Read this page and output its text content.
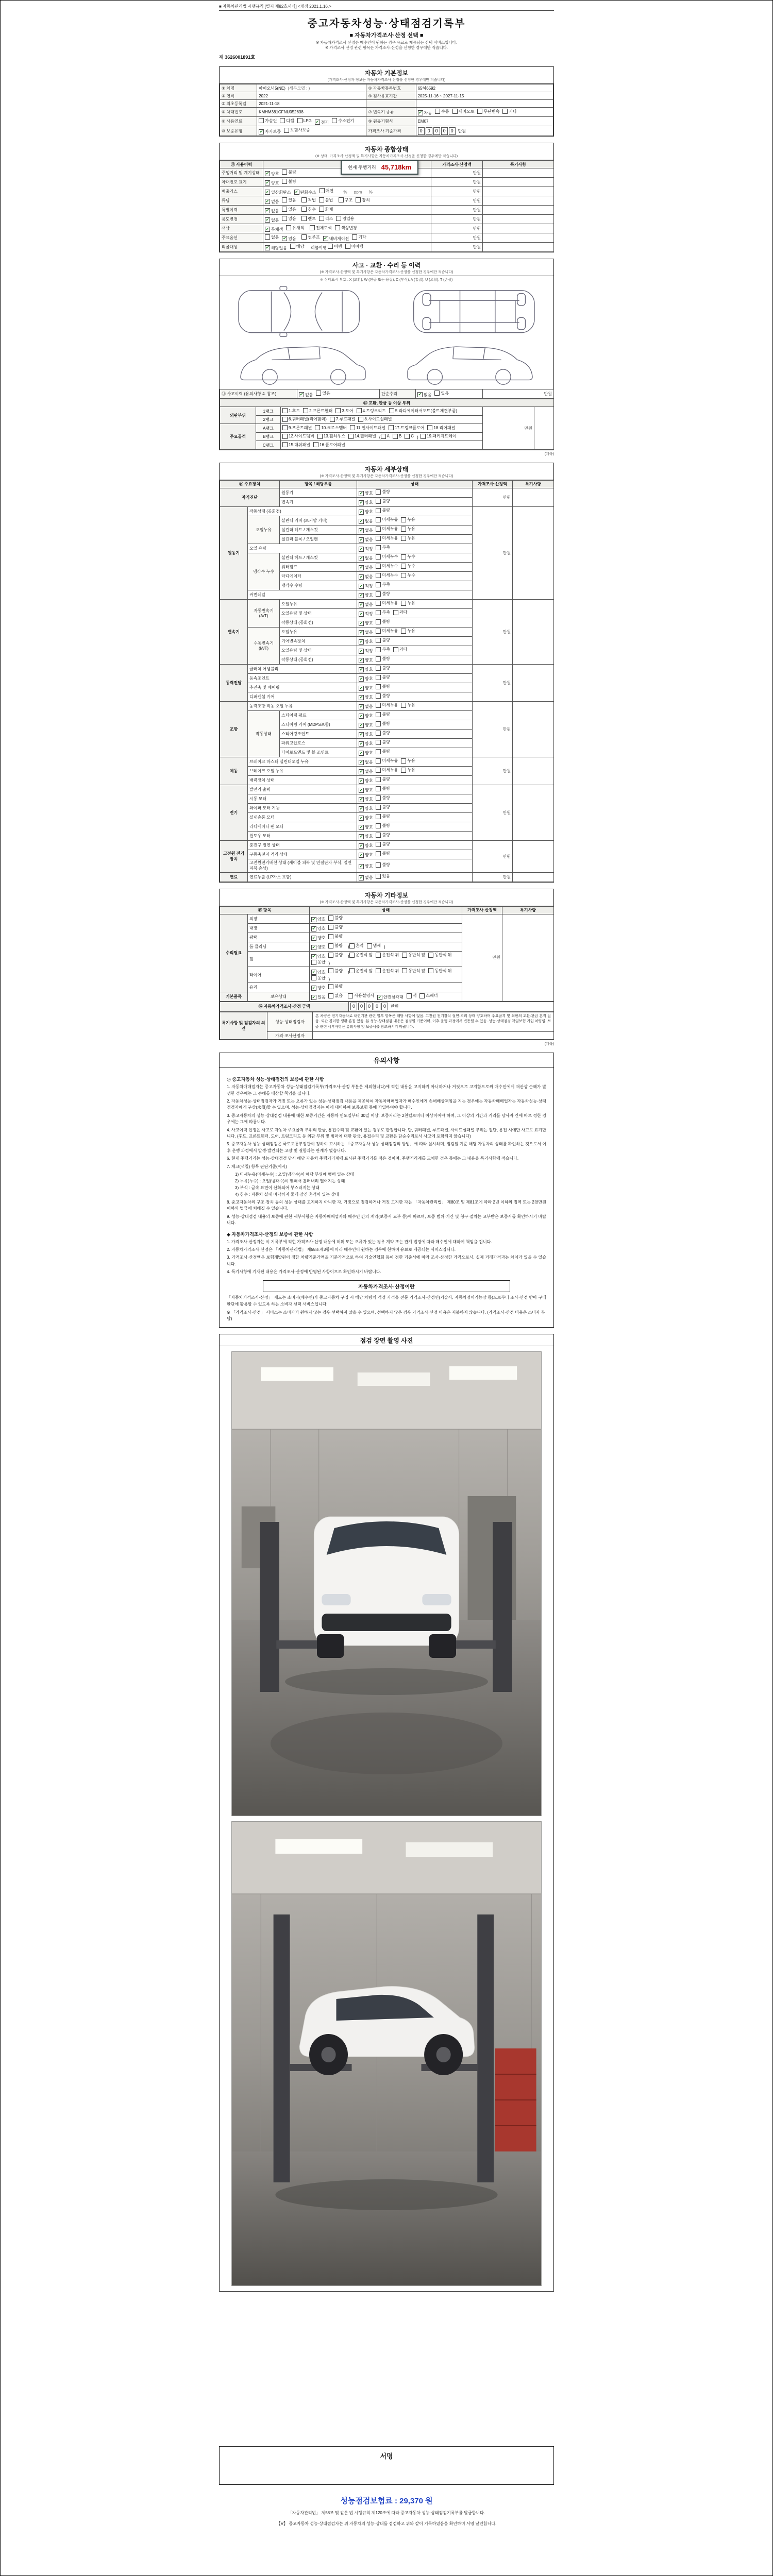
■ 자동차관리법 시행규칙 [별지 제82호서식] <개정 2021.1.16.>
중고자동차성능·상태점검기록부
■ 자동차가격조사·산정 선택 ■
※ 자동차가격조사·산정은 매수인이 원하는 경우 유료로 제공되는 선택 서비스입니다.
※ 가격조사·산정 관련 항목은 가격조사·산정을 신청한 경우에만 적습니다.
제 3626001891호
자동차 기본정보
(가격조사·산정자 정보는 자동차가격조사·산정을 신청한 경우에만 적습니다)
① 차명	아이오닉5(NE)  (세부모델 : )	② 자동차등록번호	65허6592
③ 연식	2022	④ 검사유효기간	2025-11-16 ~ 2027-11-15
⑤ 최초등록일	2021-11-18		
⑥ 차대번호	KMHM381CFNU052638	⑦ 변속기 종류	✔ 자동 수동 세미오토 무단변속 기타

⑧ 사용연료	가솔린 디젤 LPG ✔ 전기 수소전기	⑨ 원동기형식	EM07
⑩ 보증유형	✔ 자가보증 보험사보증	가격조사 기준가격	0	0	0	0	0	만원
자동차 종합상태
(※ 상태, 가격조사·산정액 및 특기사항은 자동차가격조사·산정을 신청한 경우에만 적습니다)
현재 주행거리 45,718km
⑪ 사용이력		가격조사·산정액	특기사항
주행거리 및 계기상태	✔ 양호 불량	만원	
차대번호 표기	✔ 양호 불량	만원	
배출가스	✔ 일산화탄소 ✔ 탄화수소 매연 %      ppm      %	만원	
튜닝	✔ 없음 있음
	적법 불법
	구조 장치	만원	
특별이력	✔ 없음 있음
침수 화재	만원	
용도변경	✔ 없음 있음
	렌트 리스 영업용	만원	
색상	✔ 무채색 유채색
전체도색 색상변경	만원	
주요옵션	없음 ✔ 있음
	썬루프 ✔ 네비게이션 기타	만원	
리콜대상	✔ 해당없음 해당 리콜이행 이행 미이행	만원	
사고 · 교환 · 수리 등 이력
(※ 가격조사·산정액 및 특기사항은 자동차가격조사·산정을 신청한 경우에만 적습니다)
※ 상태표시 부호 : X (교환), W (판금 또는 용접), C (부식), A (흠집), U (요철), T (손상)
⑫ 사고이력 (유의사항 4. 참조)	✔ 없음 있음	단순수리	✔ 없음 있음	만원
⑬ 교환, 판금 등 이상 부위				
외판부위	1랭크	1.후드 2.프론트휀더 3.도어 4.트렁크리드 5.라디에이터서포트(볼트체결부품)	만원	
	2랭크	6.쿼터패널(리어휀더) 7.루프패널 8.사이드실패널		

주요골격	A랭크	9.프론트패널 10.크로스멤버 11.인사이드패널 17.트렁크플로어 18.리어패널		

B랭크	12.사이드멤버 13.휠하우스 14.필러패널 ( A B C ) 19.패키지트레이

	C랭크	15.대쉬패널 16.플로어패널		
(계속)
자동차 세부상태
(※ 가격조사·산정액 및 특기사항은 자동차가격조사·산정을 신청한 경우에만 적습니다)
⑭ 주요장치		항목 / 해당부품	상태	가격조사·산정액	특기사항
자기진단		원동기	✔ 양호 불량	만원	
		변속기	✔ 양호 불량		

원동기	작동상태 (공회전)		✔ 양호 불량	만원	
	오일누유	실린더 커버 (로커암 커버)	✔ 없음 미세누유 누유		

		실린더 헤드 / 개스킷	✔ 없음 미세누유 누유		

		실린더 블록 / 오일팬	✔ 없음 미세누유 누유		

	오일 유량		✔ 적정 부족		

	냉각수 누수	실린더 헤드 / 개스킷	✔ 없음 미세누수 누수		

		워터펌프	✔ 없음 미세누수 누수		

		라디에이터	✔ 없음 미세누수 누수		

		냉각수 수량	✔ 적정 부족		

	커먼레일		✔ 양호 불량		

변속기	자동변속기 (A/T)	오일누유	✔ 없음 미세누유 누유	만원	
		오일유량 및 상태	✔ 적정 부족 과다		

		작동상태 (공회전)	✔ 양호 불량		

	수동변속기 (M/T)	오일누유	✔ 없음 미세누유 누유		

		기어변속장치	✔ 양호 불량		

		오일유량 및 상태	✔ 적정 부족 과다		

		작동상태 (공회전)	✔ 양호 불량		

동력전달	클러치 어셈블리		✔ 양호 불량	만원	
	등속조인트		✔ 양호 불량		

	추진축 및 베어링		✔ 양호 불량		

	디퍼렌셜 기어		✔ 양호 불량		

조향	동력조향 작동 오일 누유		✔ 없음 미세누유 누유	만원	
	작동상태	스티어링 펌프	✔ 양호 불량		

		스티어링 기어 (MDPS포함)	✔ 양호 불량		

		스티어링조인트	✔ 양호 불량		

		파워고압호스	✔ 양호 불량		

		타이로드엔드 및 볼 조인트	✔ 양호 불량		

제동	브레이크 마스터 실린더오일 누유		✔ 없음 미세누유 누유	만원	
	브레이크 오일 누유		✔ 없음 미세누유 누유		

	배력장치 상태		✔ 양호 불량		

전기	발전기 출력		✔ 양호 불량	만원	
	시동 모터		✔ 양호 불량		

	와이퍼 모터 기능		✔ 양호 불량		

	실내송풍 모터		✔ 양호 불량		

	라디에이터 팬 모터		✔ 양호 불량		

	윈도우 모터		✔ 양호 불량		

고전원 전기장치	충전구 절연 상태		✔ 양호 불량	만원	
	구동축전지 격리 상태		✔ 양호 불량		

	고전원전기배선 상태 (케이블 피복 및 연결단자 부식, 절연 피복 손상)		✔ 양호 불량		

연료	연료누출 (LP가스 포함)		✔ 없음 있음	만원	
자동차 기타정보
(※ 가격조사·산정액 및 특기사항은 자동차가격조사·산정을 신청한 경우에만 적습니다)
⑮ 항목		상태	가격조사·산정액	특기사항
수리필요	외장	✔ 양호 불량	만원	
	내장	✔ 양호 불량		

	광택	✔ 양호 불량		

룸 클리닝	✔ 양호 불량 ( 흔적 냄새 )
휠	
✔ 양호 불량 ( 운전석 앞 운전석 뒤 동반석 앞 동반석 뒤
응급 )
타이어	
✔ 양호 불량 ( 운전석 앞 운전석 뒤 동반석 앞 동반석 뒤
응급 )
	유리	✔ 양호 불량		

기본품목	보유상태	✔ 있음 없음
	사용설명서 ✔ 안전삼각대 잭 스패너
⑯ 자동차가격조사·산정 금액	0	0	0	0	0	만원
특기사항 및 점검자의 의견	성능·상태점검자	본 차량은 전기자동차로 내연기관 관련 일부 항목은 해당 사항이 없음. 고전원 전기장치 절연·격리 상태 양호하며 주요골격 및 외판의 교환·판금 흔적 없음. 외판 경미한 생활 흠집 있음. 본 성능·상태점검 내용은 점검일 기준이며, 이후 운행 과정에서 변동될 수 있음. 성능·상태점검 책임보험 가입 차량임. 보증 관련 세부사항은 유의사항 및 보증서를 참조하시기 바랍니다.
	가격·조사산정자	
(계속)
유의사항
◎ 중고자동차 성능·상태점검의 보증에 관한 사항
1. 자동차매매업자는 중고자동차 성능·상태점검기록부(가격조사·산정 부분은 제외합니다)에 적힌 내용을 고지하지 아니하거나 거짓으로 고지함으로써 매수인에게 재산상 손해가 발생한 경우에는 그 손해를 배상할 책임을 집니다.
2. 자동차성능·상태점검자가 거짓 또는 오류가 있는 성능·상태점검 내용을 제공하여 자동차매매업자가 매수인에게 손해배상책임을 지는 경우에는 자동차매매업자는 자동차성능·상태점검자에게 구상(求償)할 수 있으며, 성능·상태점검자는 이에 대비하여 보증보험 등에 가입하여야 합니다.
3. 중고자동차의 성능·상태점검 내용에 대한 보증기간은 자동차 인도일부터 30일 이상, 보증거리는 2천킬로미터 이상이어야 하며, 그 이상의 기간과 거리를 당사자 간에 따로 정한 경우에는 그에 따릅니다.
4. 사고이력 인정은 사고로 자동차 주요골격 부위의 판금, 용접수리 및 교환이 있는 경우로 한정합니다. 단, 쿼터패널, 루프패널, 사이드실패널 부위는 절단, 용접 시에만 사고로 표기합니다. (후드, 프론트휀더, 도어, 트렁크리드 등 외판 부위 및 범퍼에 대한 판금, 용접수리 및 교환은 단순수리로서 사고에 포함되지 않습니다)
5. 중고자동차 성능·상태점검은 국토교통부장관이 정하여 고시하는 「중고자동차 성능·상태점검의 방법」에 따라 실시하며, 점검일 기준 해당 자동차의 상태를 확인하는 것으로서 이후 운행 과정에서 발생·발견되는 고장 및 결함과는 관계가 없습니다.
6. 현재 주행거리는 성능·상태점검 당시 해당 자동차 주행거리계에 표시된 주행거리를 적은 것이며, 주행거리계를 교체한 경우 등에는 그 내용을 특기사항에 적습니다.
7. 체크(색칠) 항목 판단기준(예시)
1) 미세누유(미세누수) : 오일(냉각수)이 해당 부위에 맺혀 있는 상태
2) 누유(누수) : 오일(냉각수)이 맺혀서 흘러내려 떨어지는 상태
3) 부식 : 금속 표면이 산화되어 부스러지는 상태
4) 침수 : 자동차 실내 바닥까지 물에 잠긴 흔적이 있는 상태
8. 중고자동차의 구조·장치 등의 성능·상태를 고지하지 아니한 자, 거짓으로 점검하거나 거짓 고지한 자는 「자동차관리법」 제80조 및 제81조에 따라 2년 이하의 징역 또는 2천만원 이하의 벌금에 처해질 수 있습니다.
9. 성능·상태점검 내용의 보증에 관한 세부사항은 자동차매매업자와 매수인 간의 계약(보증서 교부 등)에 따르며, 보증 범위·기간 및 청구 절차는 교부받은 보증서를 확인하시기 바랍니다.
◆ 자동차가격조사·산정의 보증에 관한 사항
1. 가격조사·산정자는 이 기록부에 적힌 가격조사·산정 내용에 허위 또는 오류가 있는 경우 계약 또는 관계 법령에 따라 매수인에 대하여 책임을 집니다.
2. 자동차가격조사·산정은 「자동차관리법」 제58조제3항에 따라 매수인이 원하는 경우에 한하여 유료로 제공되는 서비스입니다.
3. 가격조사·산정액은 보험개발원이 정한 차량기준가액을 기준가격으로 하여 기술인협회 등이 정한 기준서에 따라 조사·산정한 가격으로서, 실제 거래가격과는 차이가 있을 수 있습니다.
4. 특기사항에 기재된 내용은 가격조사·산정에 반영된 사항이므로 확인하시기 바랍니다.
자동차가격조사·산정이란
「자동차가격조사·산정」 제도는 소비자(매수인)가 중고자동차 구입 시 해당 차량의 적정 가격을 전문 가격조사·산정인(기술사, 자동차정비기능장 등)으로부터 조사·산정 받아 구매 판단에 활용할 수 있도록 하는 소비자 선택 서비스입니다.
※ 「가격조사·산정」 서비스는 소비자가 원하지 않는 경우 선택하지 않을 수 있으며, 선택하지 않은 경우 가격조사·산정 비용은 지불하지 않습니다. (가격조사·산정 비용은 소비자 부담)
점검 장면 촬영 사진
서명
성능점검보험료 : 29,370 원
「자동차관리법」 제58조 및 같은 법 시행규칙 제120조에 따라 중고자동차 성능·상태점검기록부를 발급합니다.
【Ⅴ】 중고자동차 성능·상태점검자는 위 자동차의 성능·상태를 점검하고 위와 같이 기록하였음을 확인하며 서명 날인합니다.
